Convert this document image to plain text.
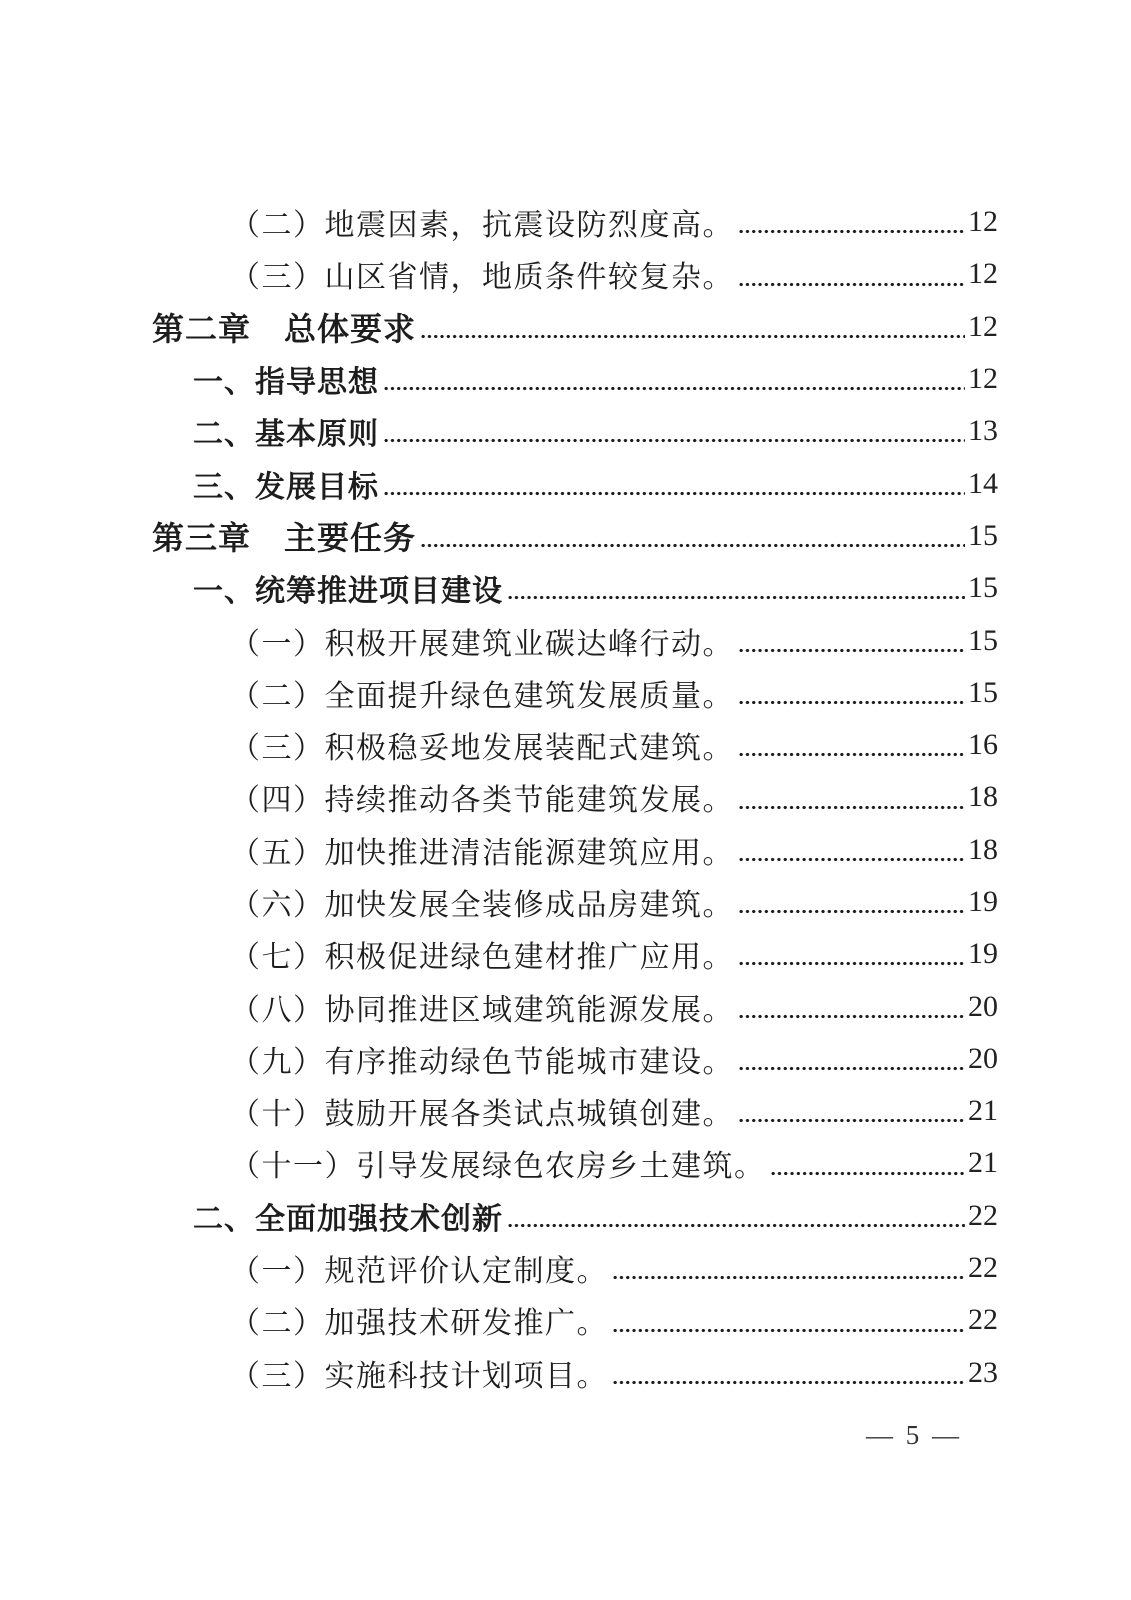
（二）地震因素，抗震设防烈度高。	12
（三）山区省情，地质条件较复杂。	12
第二章　总体要求	12
一、指导思想	12
二、基本原则	13
三、发展目标	14
第三章　主要任务	15
一、统筹推进项目建设	15
（一）积极开展建筑业碳达峰行动。	15
（二）全面提升绿色建筑发展质量。	15
（三）积极稳妥地发展装配式建筑。	16
（四）持续推动各类节能建筑发展。	18
（五）加快推进清洁能源建筑应用。	18
（六）加快发展全装修成品房建筑。	19
（七）积极促进绿色建材推广应用。	19
（八）协同推进区域建筑能源发展。	20
（九）有序推动绿色节能城市建设。	20
（十）鼓励开展各类试点城镇创建。	21
（十一）引导发展绿色农房乡土建筑。	21
二、全面加强技术创新	22
（一）规范评价认定制度。	22
（二）加强技术研发推广。	22
（三）实施科技计划项目。	23
— 5 —
